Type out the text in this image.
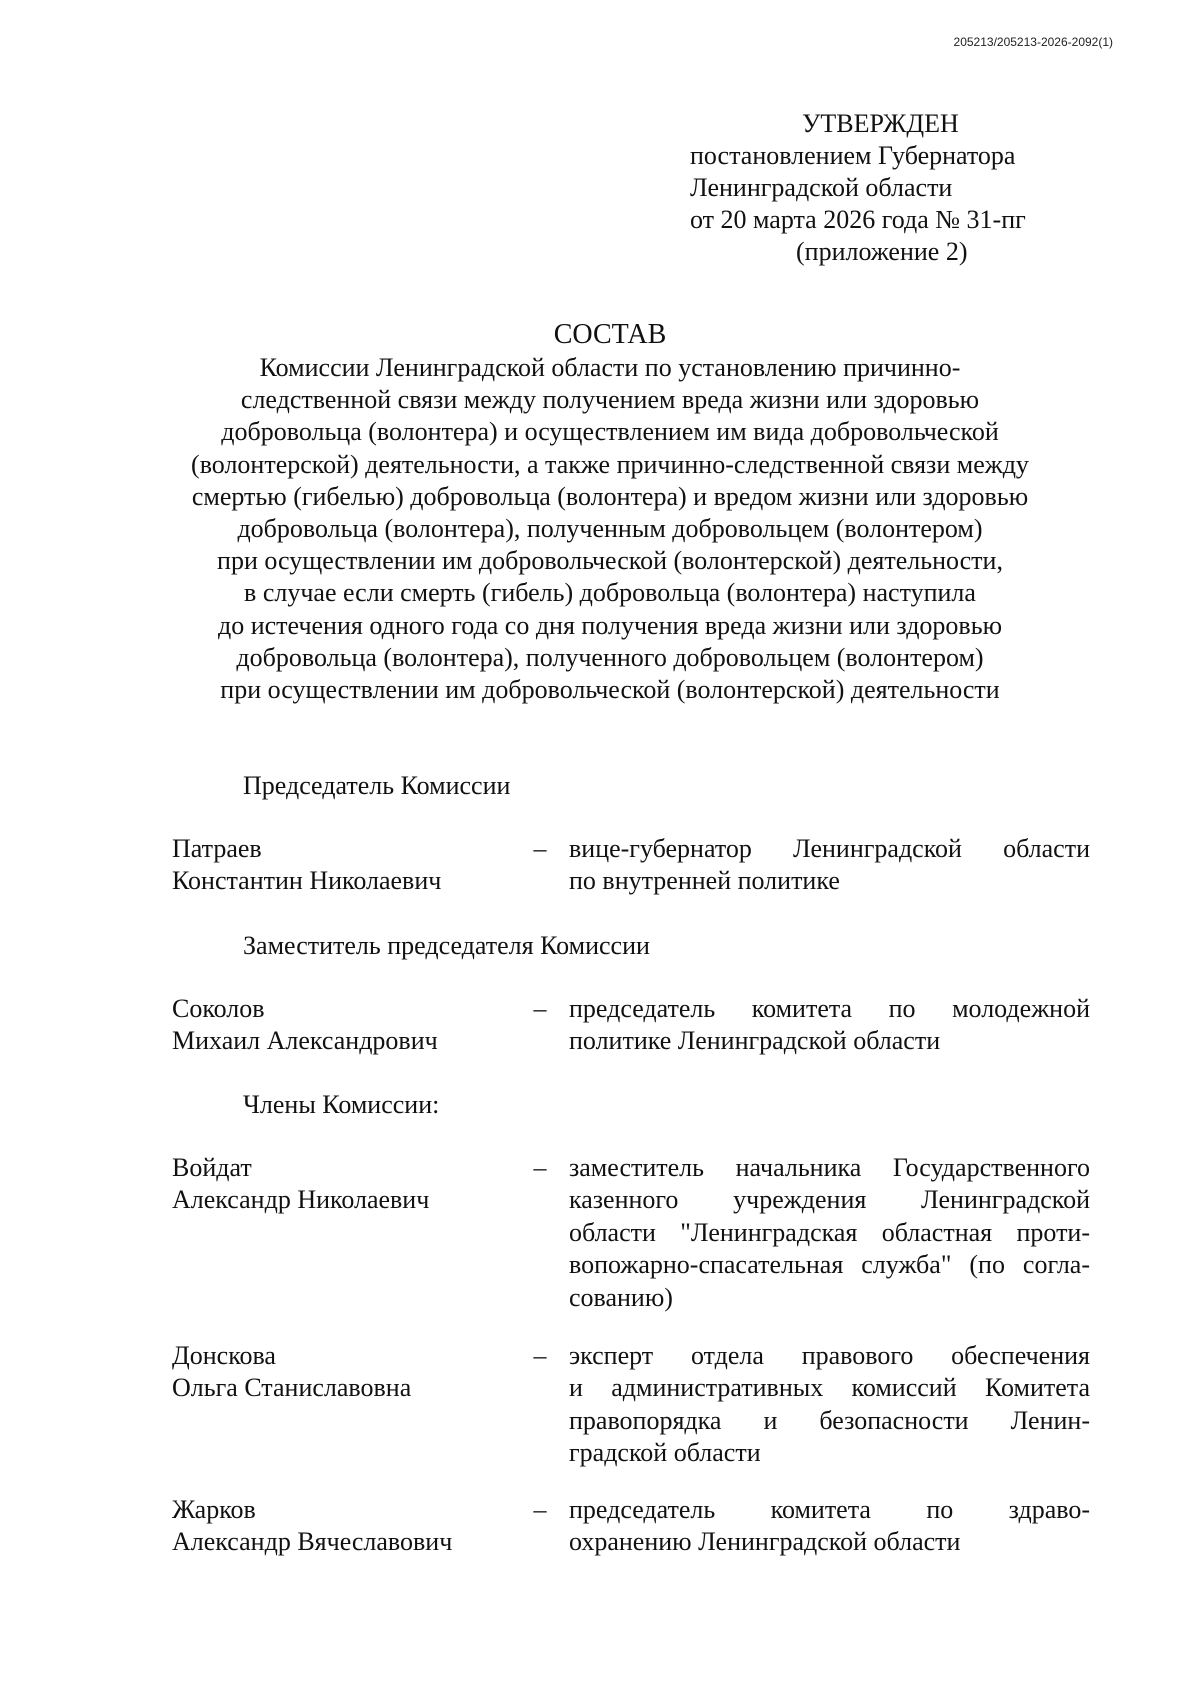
205213/205213-2026-2092(1)
УТВЕРЖДЕН
постановлением Губернатора
Ленинградской области
от 20 марта 2026 года № 31-пг
(приложение 2)
СОСТАВ
Комиссии Ленинградской области по установлению причинно-
следственной связи между получением вреда жизни или здоровью
добровольца (волонтера) и осуществлением им вида добровольческой
(волонтерской) деятельности, а также причинно-следственной связи между
смертью (гибелью) добровольца (волонтера) и вредом жизни или здоровью
добровольца (волонтера), полученным добровольцем (волонтером)
при осуществлении им добровольческой (волонтерской) деятельности,
в случае если смерть (гибель) добровольца (волонтера) наступила
до истечения одного года со дня получения вреда жизни или здоровью
добровольца (волонтера), полученного добровольцем (волонтером)
при осуществлении им добровольческой (волонтерской) деятельности
Председатель Комиссии
Патраев
Константин Николаевич
– вице-губернатор Ленинградской области
по внутренней политике
Заместитель председателя Комиссии
Соколов
Михаил Александрович
– председатель комитета по молодежной
политике Ленинградской области
Члены Комиссии:
Войдат
Александр Николаевич
– заместитель начальника Государственного
казенного учреждения Ленинградской
области "Ленинградская областная проти-
вопожарно-спасательная служба" (по согла-
сованию)
Донскова
Ольга Станиславовна
– эксперт отдела правового обеспечения
и административных комиссий Комитета
правопорядка и безопасности Ленин-
градской области
Жарков
Александр Вячеславович
– председатель комитета по здраво-
охранению Ленинградской области
